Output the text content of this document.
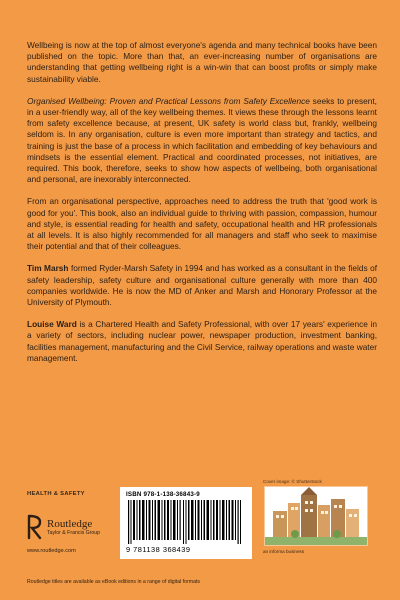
Wellbeing is now at the top of almost everyone's agenda and many technical books have been published on the topic. More than that, an ever-increasing number of organisations are understanding that getting wellbeing right is a win-win that can boost profits or simply make sustainability viable.

Organised Wellbeing: Proven and Practical Lessons from Safety Excellence seeks to present, in a user-friendly way, all of the key wellbeing themes. It views these through the lessons learnt from safety excellence because, at present, UK safety is world class but, frankly, wellbeing seldom is. In any organisation, culture is even more important than strategy and tactics, and training is just the base of a process in which facilitation and embedding of key behaviours and mindsets is the essential element. Practical and coordinated processes, not initiatives, are required. This book, therefore, seeks to show how aspects of wellbeing, both organisational and personal, are inexorably interconnected.

From an organisational perspective, approaches need to address the truth that 'good work is good for you'. This book, also an individual guide to thriving with passion, compassion, humour and style, is essential reading for health and safety, occupational health and HR professionals at all levels. It is also highly recommended for all managers and staff who seek to maximise their potential and that of their colleagues.

Tim Marsh formed Ryder-Marsh Safety in 1994 and has worked as a consultant in the fields of safety leadership, safety culture and organisational culture generally with more than 400 companies worldwide. He is now the MD of Anker and Marsh and Honorary Professor at the University of Plymouth.

Louise Ward is a Chartered Health and Safety Professional, with over 17 years' experience in a variety of sectors, including nuclear power, newspaper production, investment banking, facilities management, manufacturing and the Civil Service, railway operations and waste water management.

Cover image: © Shutterstock
HEALTH & SAFETY
Routledge
Taylor & Francis Group
www.routledge.com
ISBN 978-1-138-36843-9
9 781138 368439	an informa business
Routledge titles are available as eBook editions in a range of digital formats
